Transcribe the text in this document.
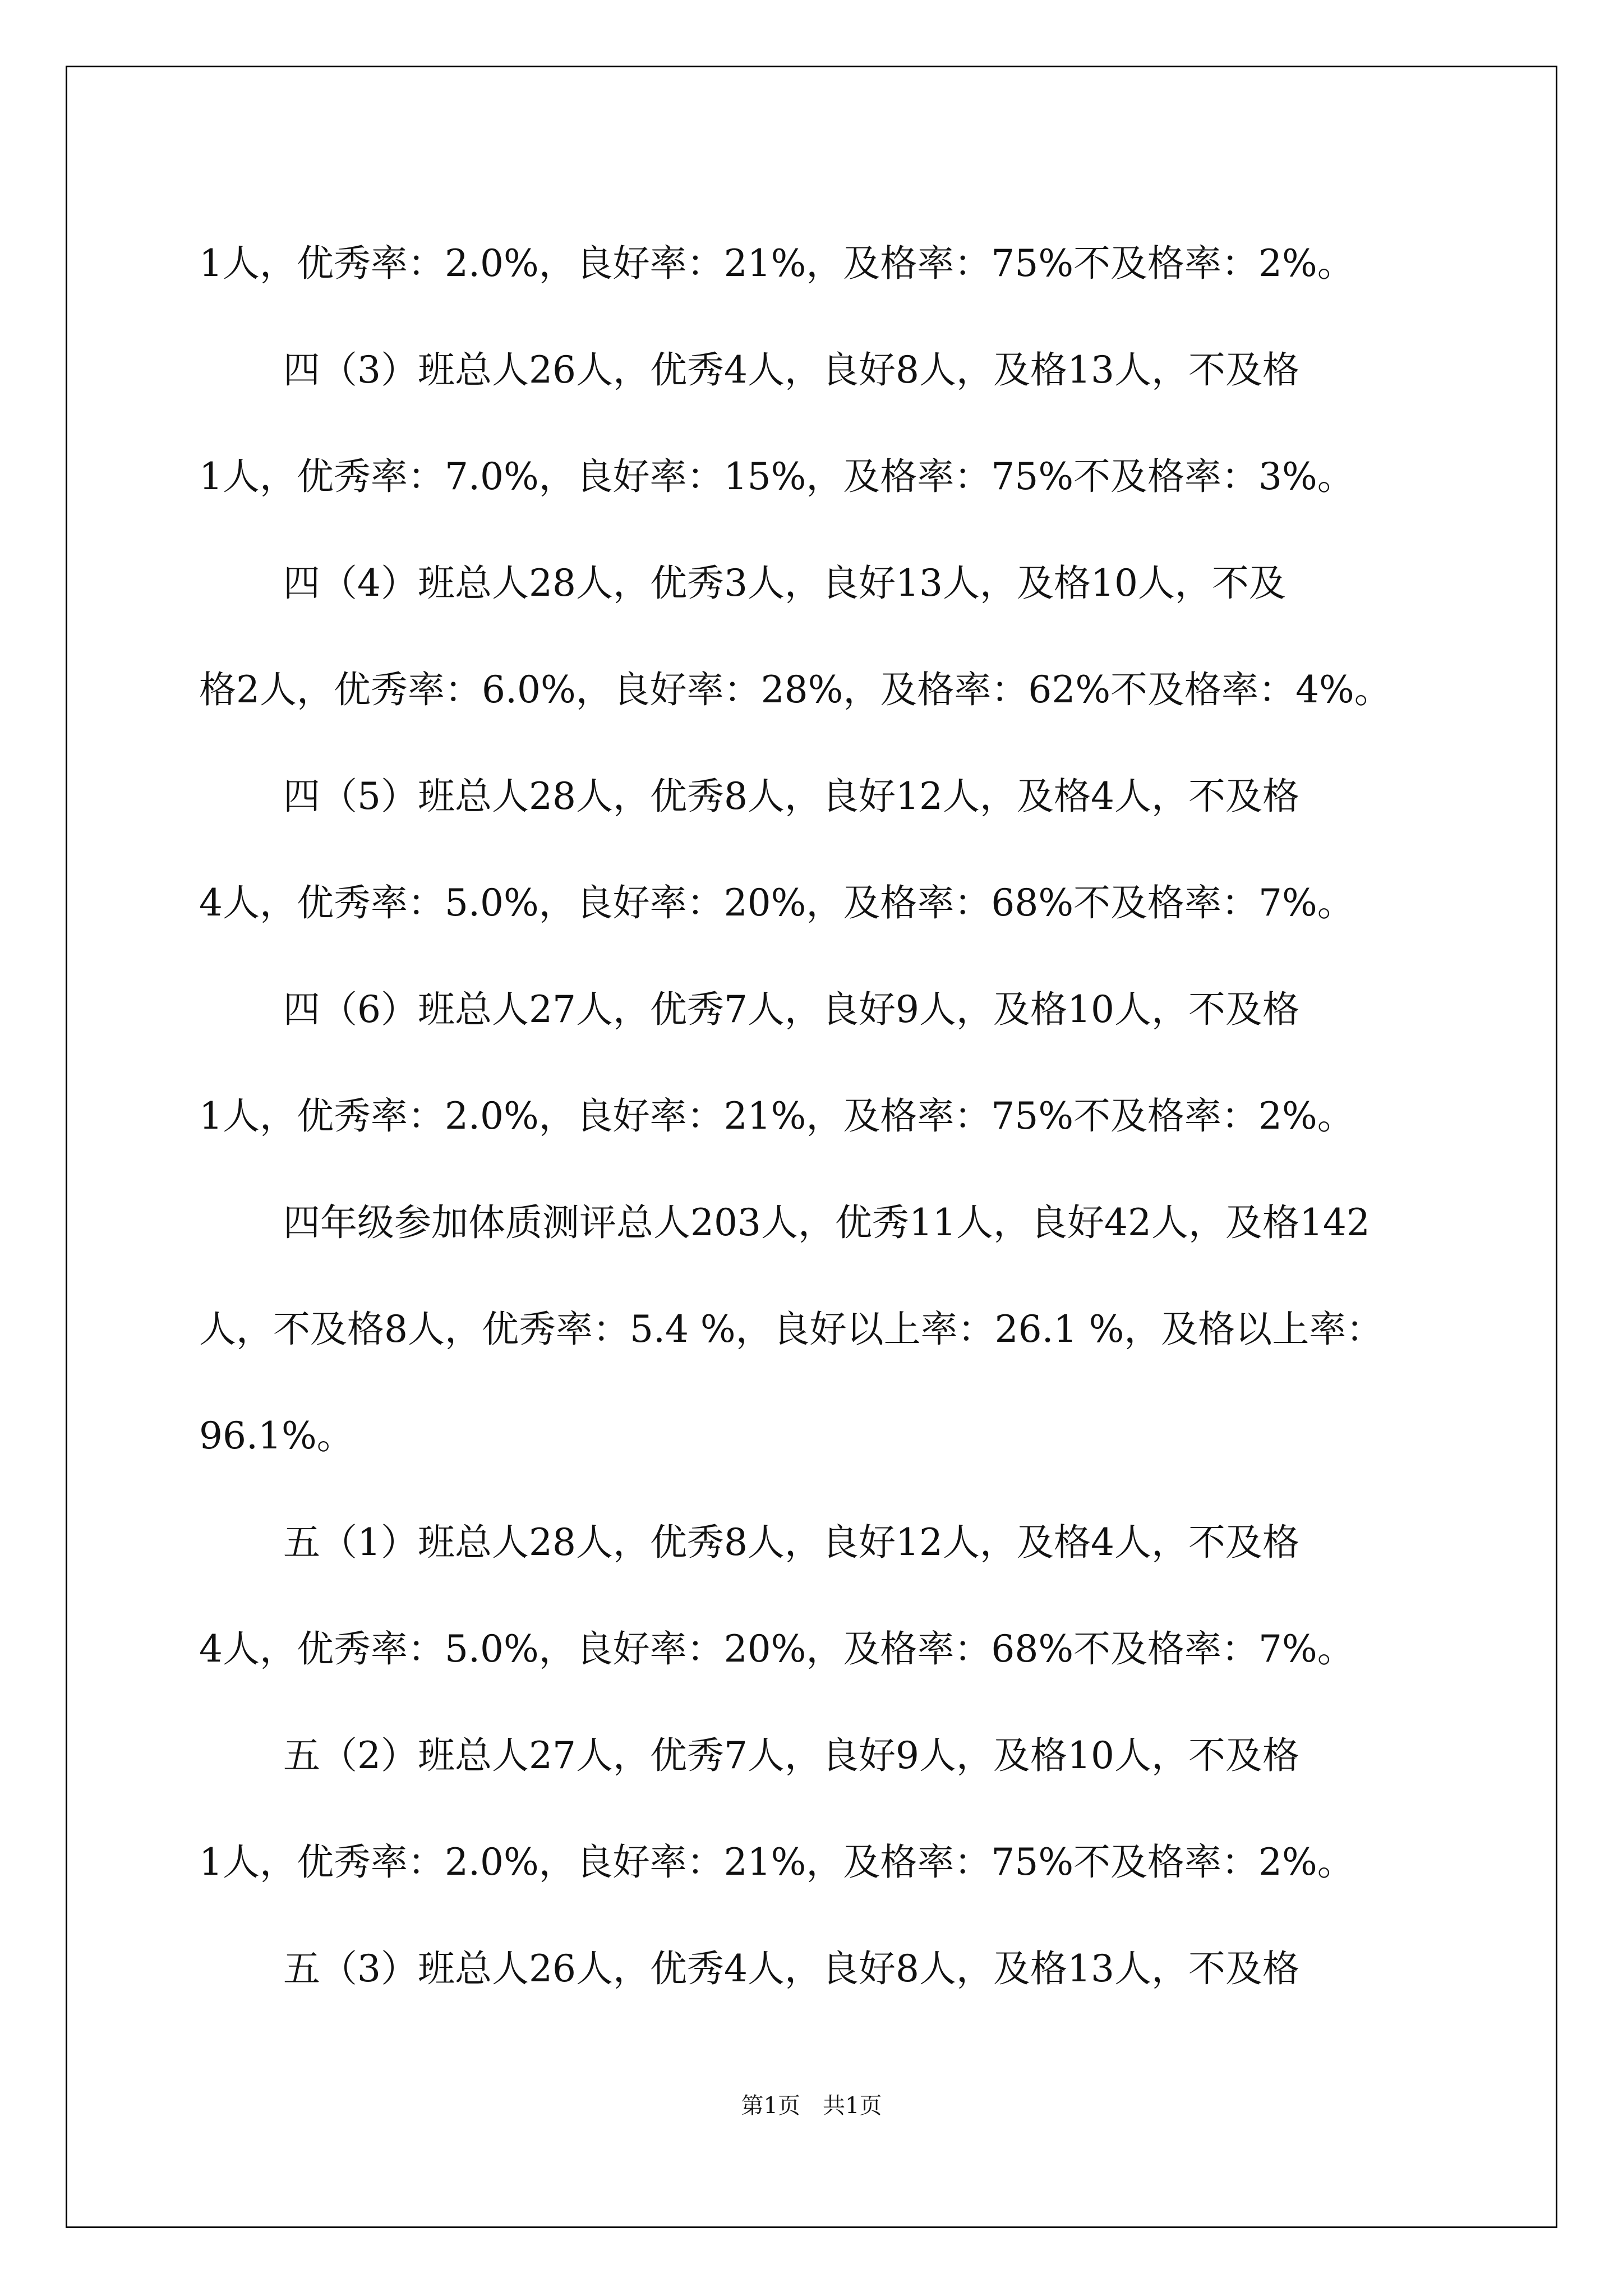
1人，优秀率：2.0%，良好率：21%，及格率：75%不及格率：2%。
四（3）班总人26人，优秀4人，良好8人，及格13人，不及格
1人，优秀率：7.0%，良好率：15%，及格率：75%不及格率：3%。
四（4）班总人28人，优秀3人，良好13人，及格10人，不及
格2人，优秀率：6.0%，良好率：28%，及格率：62%不及格率：4%。
四（5）班总人28人，优秀8人，良好12人，及格4人，不及格
4人，优秀率：5.0%，良好率：20%，及格率：68%不及格率：7%。
四（6）班总人27人，优秀7人，良好9人，及格10人，不及格
1人，优秀率：2.0%，良好率：21%，及格率：75%不及格率：2%。
四年级参加体质测评总人203人，优秀11人，良好42人，及格142
人，不及格8人，优秀率：5.4 %，良好以上率：26.1 %，及格以上率：
96.1%。
五（1）班总人28人，优秀8人，良好12人，及格4人，不及格
4人，优秀率：5.0%，良好率：20%，及格率：68%不及格率：7%。
五（2）班总人27人，优秀7人，良好9人，及格10人，不及格
1人，优秀率：2.0%，良好率：21%，及格率：75%不及格率：2%。
五（3）班总人26人，优秀4人，良好8人，及格13人，不及格
第1页　共1页
